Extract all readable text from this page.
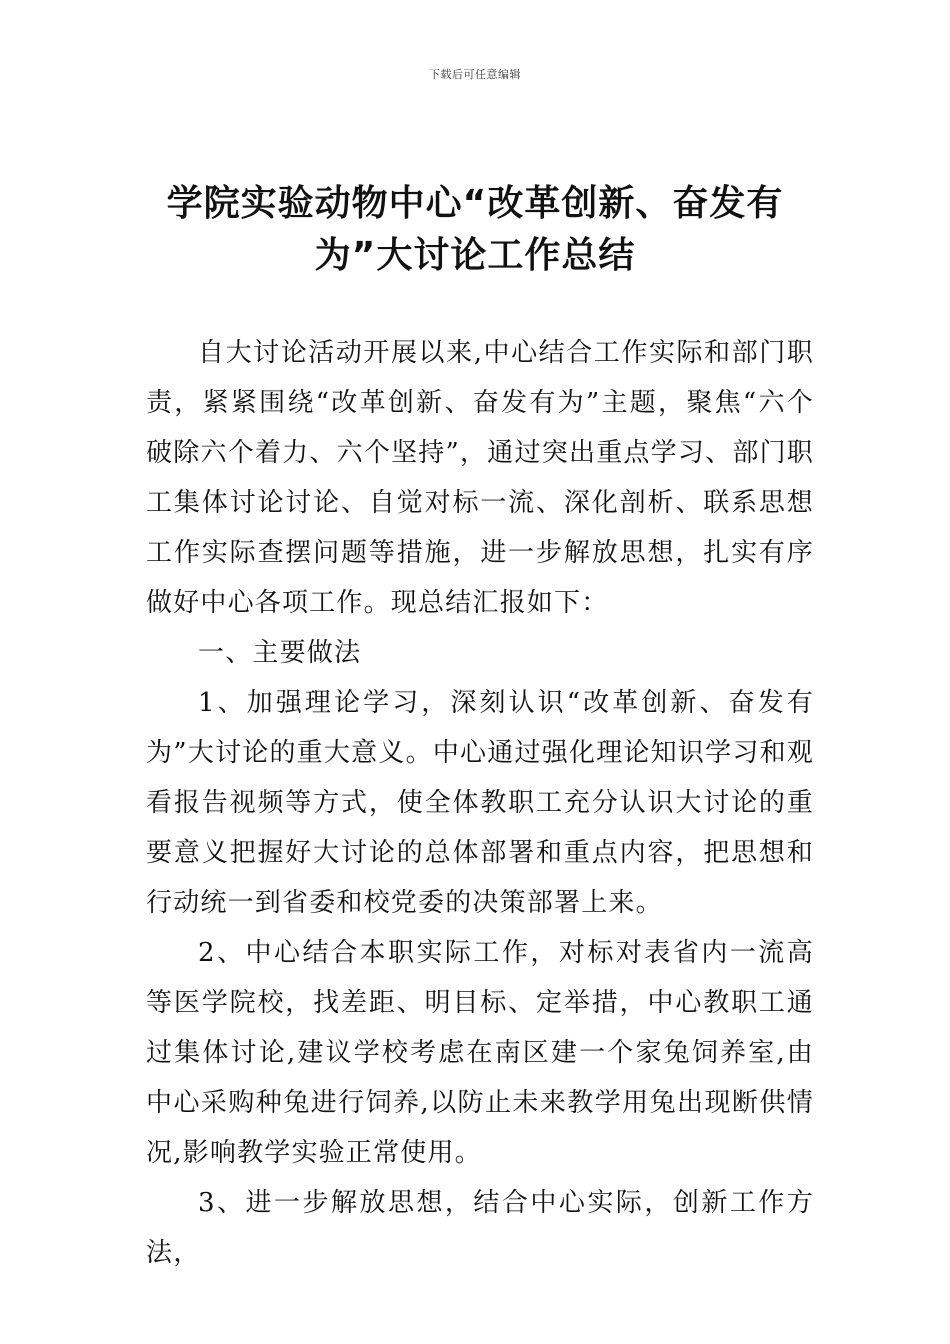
下载后可任意编辑
学院实验动物中心“改革创新、奋发有
为”大讨论工作总结

自大讨论活动开展以来,中心结合工作实际和部门职责，紧紧围绕“改革创新、奋发有为”主题，聚焦“六个破除六个着力、六个坚持”，通过突出重点学习、部门职工集体讨论讨论、自觉对标一流、深化剖析、联系思想工作实际查摆问题等措施，进一步解放思想，扎实有序做好中心各项工作。现总结汇报如下：

一、主要做法

1、加强理论学习，深刻认识“改革创新、奋发有为”大讨论的重大意义。中心通过强化理论知识学习和观看报告视频等方式，使全体教职工充分认识大讨论的重要意义把握好大讨论的总体部署和重点内容，把思想和行动统一到省委和校党委的决策部署上来。

2、中心结合本职实际工作，对标对表省内一流高等医学院校，找差距、明目标、定举措，中心教职工通过集体讨论,建议学校考虑在南区建一个家兔饲养室,由中心采购种兔进行饲养,以防止未来教学用兔出现断供情况,影响教学实验正常使用。

3、进一步解放思想，结合中心实际，创新工作方法，
